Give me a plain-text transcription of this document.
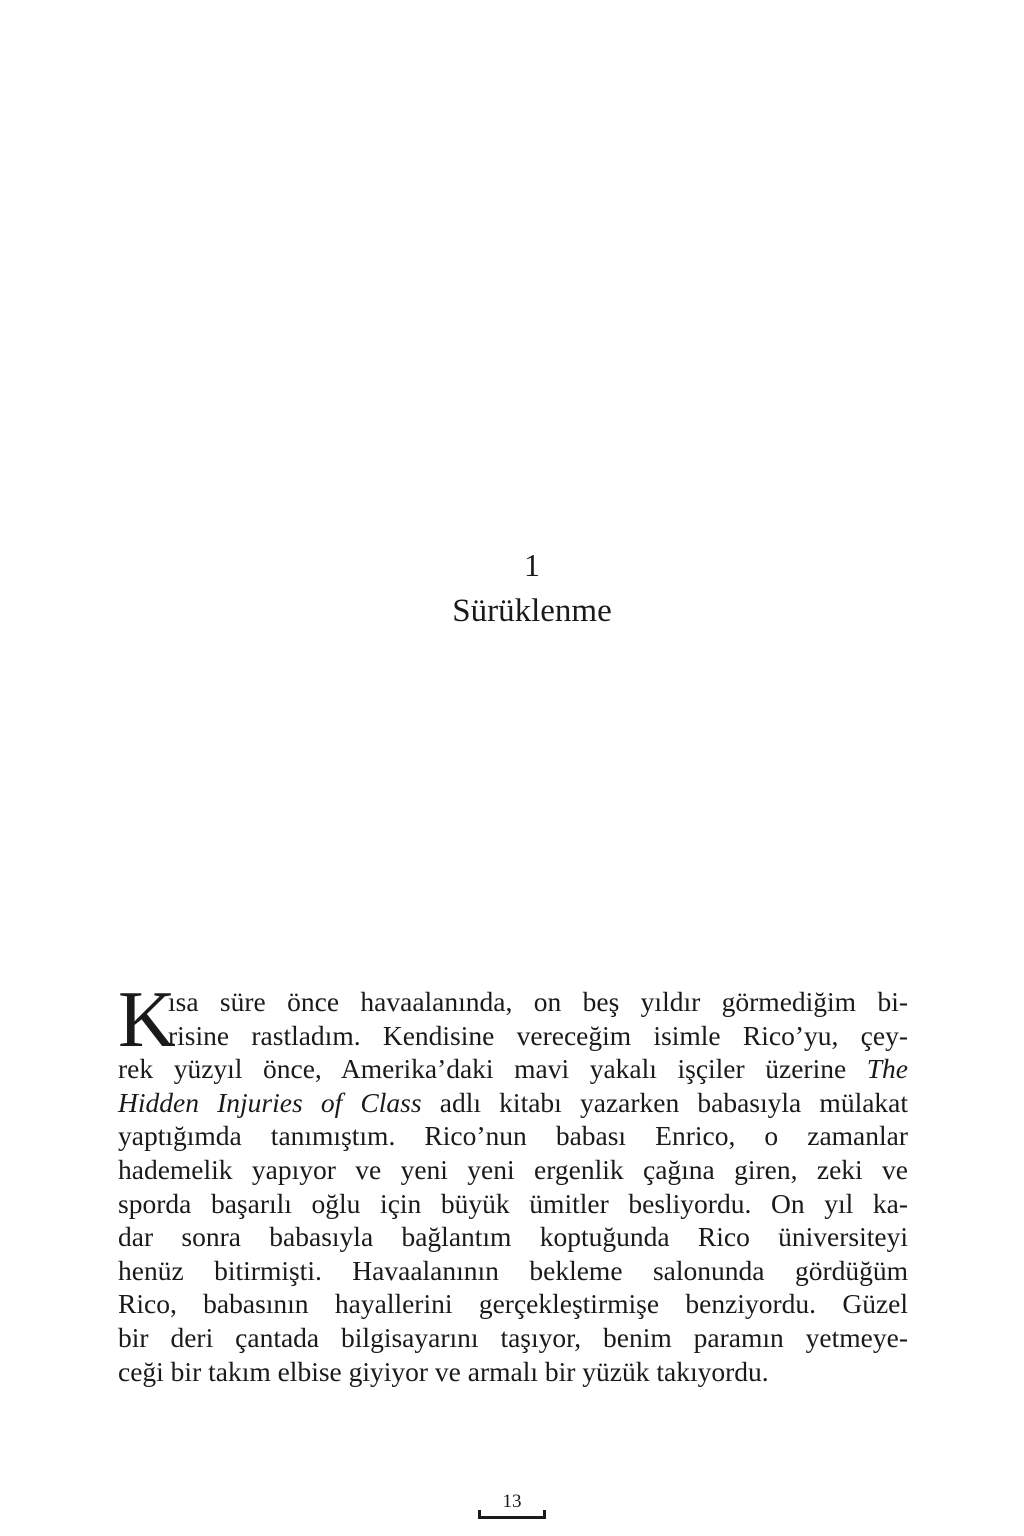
1
Sürüklenme
K
ısa süre önce havaalanında, on beş yıldır görmediğim bi-
risine rastladım. Kendisine vereceğim isimle Rico’yu, çey-
rek yüzyıl önce, Amerika’daki mavi yakalı işçiler üzerine The
Hidden Injuries of Class adlı kitabı yazarken babasıyla mülakat
yaptığımda tanımıştım. Rico’nun babası Enrico, o zamanlar
hademelik yapıyor ve yeni yeni ergenlik çağına giren, zeki ve
sporda başarılı oğlu için büyük ümitler besliyordu. On yıl ka-
dar sonra babasıyla bağlantım koptuğunda Rico üniversiteyi
henüz bitirmişti. Havaalanının bekleme salonunda gördüğüm
Rico, babasının hayallerini gerçekleştirmişe benziyordu. Güzel
bir deri çantada bilgisayarını taşıyor, benim paramın yetmeye-
ceği bir takım elbise giyiyor ve armalı bir yüzük takıyordu.
13
